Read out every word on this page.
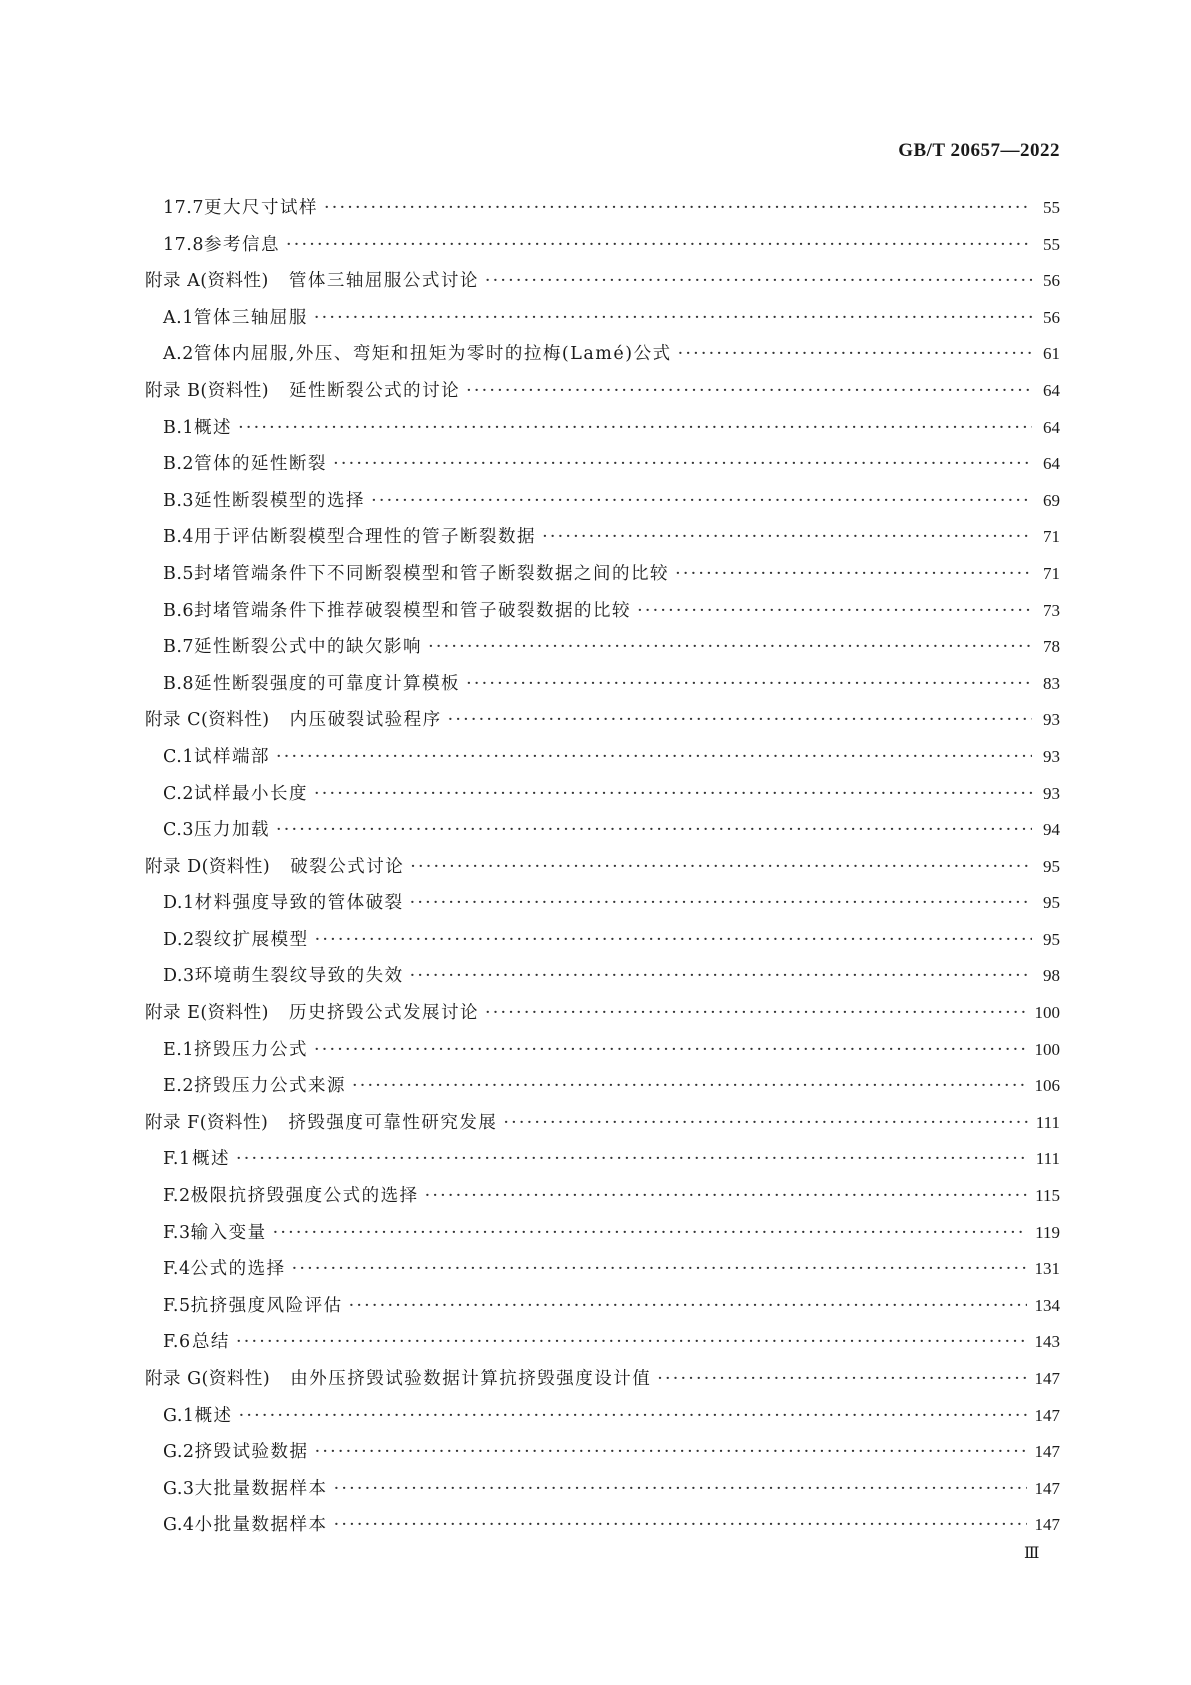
GB/T 20657—2022
17.7 更大尺寸试样 ·····	55
17.8 参考信息 ·····	55
附录 A(资料性) 管体三轴屈服公式讨论 ·····	56
A.1 管体三轴屈服 ·····	56
A.2 管体内屈服,外压、弯矩和扭矩为零时的拉梅(Lamé)公式 ·····	61
附录 B(资料性) 延性断裂公式的讨论 ·····	64
B.1 概述 ·····	64
B.2 管体的延性断裂 ·····	64
B.3 延性断裂模型的选择 ·····	69
B.4 用于评估断裂模型合理性的管子断裂数据 ·····	71
B.5 封堵管端条件下不同断裂模型和管子断裂数据之间的比较 ·····	71
B.6 封堵管端条件下推荐破裂模型和管子破裂数据的比较 ·····	73
B.7 延性断裂公式中的缺欠影响 ·····	78
B.8 延性断裂强度的可靠度计算模板 ·····	83
附录 C(资料性) 内压破裂试验程序 ·····	93
C.1 试样端部 ·····	93
C.2 试样最小长度 ·····	93
C.3 压力加载 ·····	94
附录 D(资料性) 破裂公式讨论 ·····	95
D.1 材料强度导致的管体破裂 ·····	95
D.2 裂纹扩展模型 ·····	95
D.3 环境萌生裂纹导致的失效 ·····	98
附录 E(资料性) 历史挤毁公式发展讨论 ·····	100
E.1 挤毁压力公式 ·····	100
E.2 挤毁压力公式来源 ·····	106
附录 F(资料性) 挤毁强度可靠性研究发展 ·····	111
F.1 概述 ·····	111
F.2 极限抗挤毁强度公式的选择 ·····	115
F.3 输入变量 ·····	119
F.4 公式的选择 ·····	131
F.5 抗挤强度风险评估 ·····	134
F.6 总结 ·····	143
附录 G(资料性) 由外压挤毁试验数据计算抗挤毁强度设计值 ·····	147
G.1 概述 ·····	147
G.2 挤毁试验数据 ·····	147
G.3 大批量数据样本 ·····	147
G.4 小批量数据样本 ·····	147
Ⅲ
